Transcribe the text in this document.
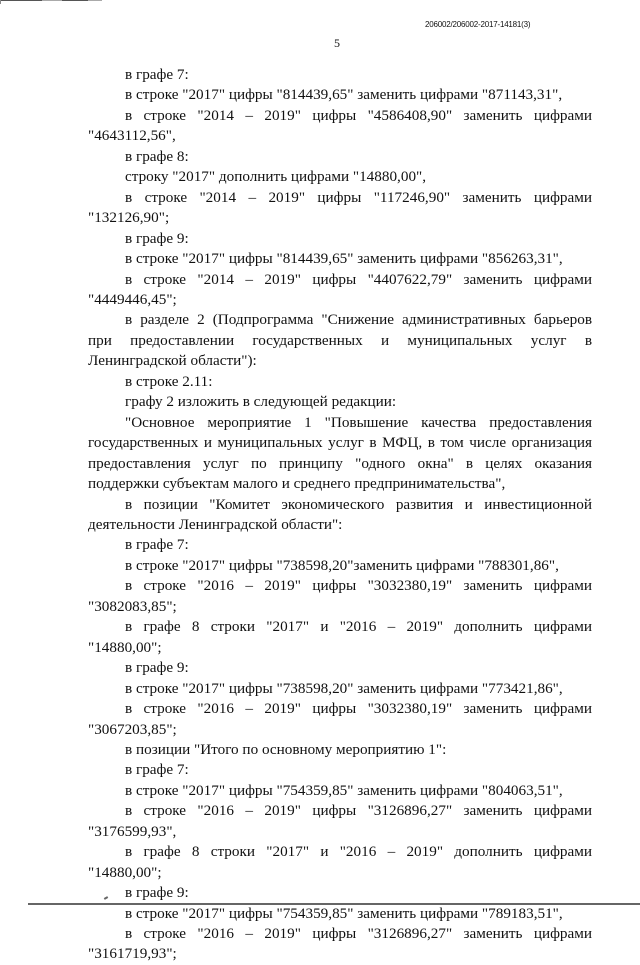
206002/206002-2017-14181(3)
5

в графе 7:

в строке "2017" цифры "814439,65" заменить цифрами "871143,31",

в строке "2014 – 2019" цифры "4586408,90" заменить цифрами "4643112,56",

в графе 8:

строку "2017" дополнить цифрами "14880,00",

в строке "2014 – 2019" цифры "117246,90" заменить цифрами "132126,90";

в графе 9:

в строке "2017" цифры "814439,65" заменить цифрами "856263,31",

в строке "2014 – 2019" цифры "4407622,79" заменить цифрами "4449446,45";

в разделе 2 (Подпрограмма "Снижение административных барьеров при предоставлении государственных и муниципальных услуг в Ленинградской области"):

в строке 2.11:

графу 2 изложить в следующей редакции:

"Основное мероприятие 1 "Повышение качества предоставления государственных и муниципальных услуг в МФЦ, в том числе организация предоставления услуг по принципу "одного окна" в целях оказания поддержки субъектам малого и среднего предпринимательства",

в позиции "Комитет экономического развития и инвестиционной деятельности Ленинградской области":

в графе 7:

в строке "2017" цифры "738598,20"заменить цифрами "788301,86",

в строке "2016 – 2019" цифры "3032380,19" заменить цифрами "3082083,85";

в графе 8 строки "2017" и "2016 – 2019" дополнить цифрами "14880,00";

в графе 9:

в строке "2017" цифры "738598,20" заменить цифрами "773421,86",

в строке "2016 – 2019" цифры "3032380,19" заменить цифрами "3067203,85";

в позиции "Итого по основному мероприятию 1":

в графе 7:

в строке "2017" цифры "754359,85" заменить цифрами "804063,51",

в строке "2016 – 2019" цифры "3126896,27" заменить цифрами "3176599,93",

в графе 8 строки "2017" и "2016 – 2019" дополнить цифрами "14880,00";

в графе 9:

в строке "2017" цифры "754359,85" заменить цифрами "789183,51",

в строке "2016 – 2019" цифры "3126896,27" заменить цифрами "3161719,93";
